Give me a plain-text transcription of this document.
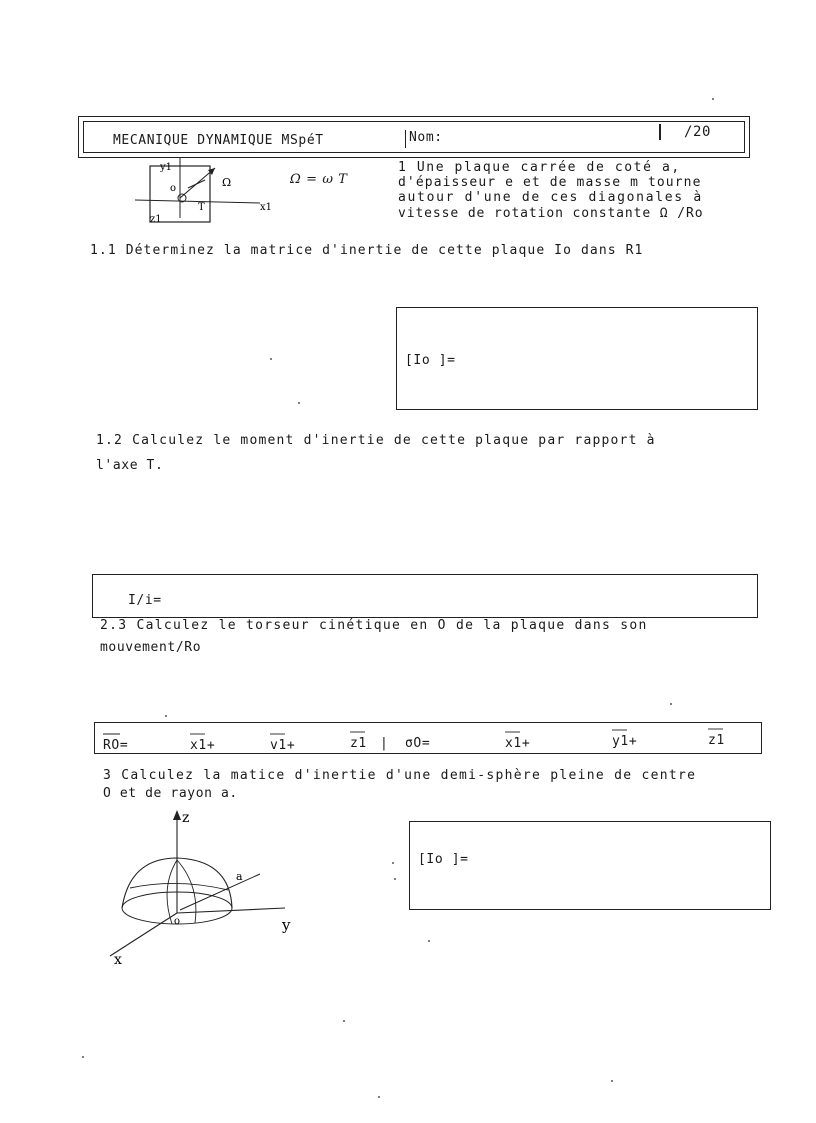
MECANIQUE DYNAMIQUE MSpéT	Nom:	/20
y1
o	Ω
x1
T
z1
Ω = ω T
1 Une plaque carrée de coté a,
d'épaisseur e et de masse m tourne
autour d'une de ces diagonales à
vitesse de rotation constante Ω /Ro
1.1 Déterminez la matrice d'inertie de cette plaque Io dans R1
[Io ]=
1.2 Calculez le moment d'inertie de cette plaque par rapport à
l'axe T.
I/i=
2.3 Calculez le torseur cinétique en O de la plaque dans son
mouvement/Ro
RO=	x1+	v1+	z1 | σO=	x1+	y1+	z1
3 Calculez la matice d'inertie d'une demi-sphère pleine de centre
O et de rayon a.
z
y
x
a
o
[Io ]=
